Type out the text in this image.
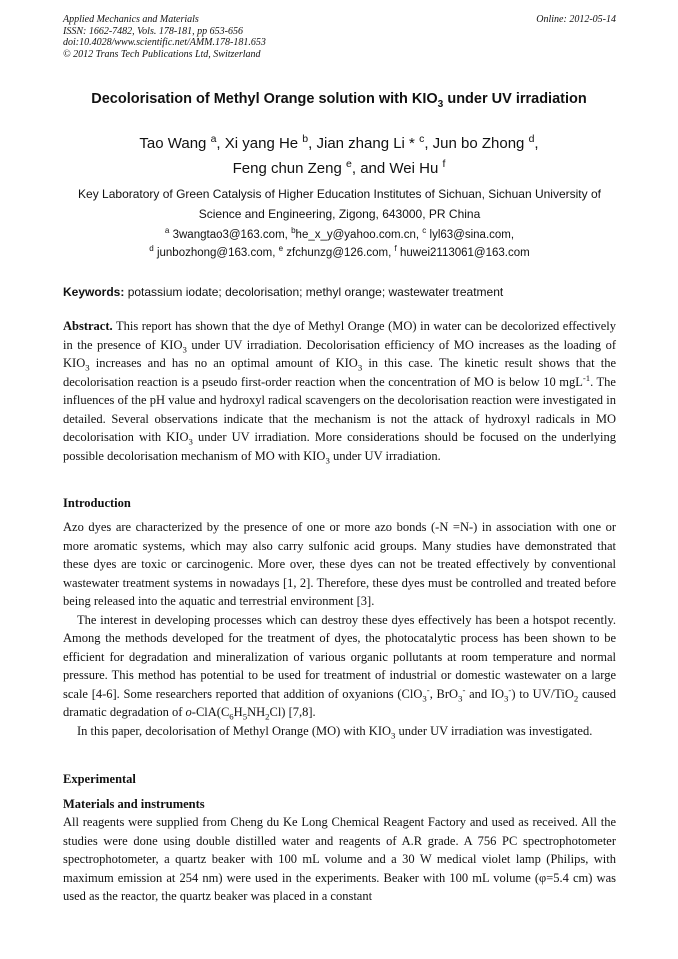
Applied Mechanics and Materials
ISSN: 1662-7482, Vols. 178-181, pp 653-656
doi:10.4028/www.scientific.net/AMM.178-181.653
© 2012 Trans Tech Publications Ltd, Switzerland
Online: 2012-05-14
Decolorisation of Methyl Orange solution with $KIO_3$ under UV irradiation
Tao Wang $^a$, Xi yang He $^b$, Jian zhang Li * $^c$, Jun bo Zhong $^d$,
Feng chun Zeng $^e$, and Wei Hu $^f$
Key Laboratory of Green Catalysis of Higher Education Institutes of Sichuan, Sichuan University of Science and Engineering, Zigong, 643000, PR China
$^a$ 3wangtao3@163.com, $^b$he_x_y@yahoo.com.cn, $^c$ lyl63@sina.com,
$^d$ junbozhong@163.com, $^e$ zfchunzg@126.com, $^f$ huwei2113061@163.com
Keywords: potassium iodate; decolorisation; methyl orange; wastewater treatment

Abstract. This report has shown that the dye of Methyl Orange (MO) in water can be decolorized effectively in the presence of $KIO_3$ under UV irradiation. Decolorisation efficiency of MO increases as the loading of $KIO_3$ increases and has no an optimal amount of $KIO_3$ in this case. The kinetic result shows that the decolorisation reaction is a pseudo first-order reaction when the concentration of MO is below 10 mgL$^{-1}$. The influences of the pH value and hydroxyl radical scavengers on the decolorisation reaction were investigated in detailed. Several observations indicate that the mechanism is not the attack of hydroxyl radicals in MO decolorisation with $KIO_3$ under UV irradiation. More considerations should be focused on the underlying possible decolorisation mechanism of MO with $KIO_3$ under UV irradiation.

Introduction

Azo dyes are characterized by the presence of one or more azo bonds (-N =N-) in association with one or more aromatic systems, which may also carry sulfonic acid groups. Many studies have demonstrated that these dyes are toxic or carcinogenic. More over, these dyes can not be treated effectively by conventional wastewater treatment systems in nowadays [1, 2]. Therefore, these dyes must be controlled and treated before being released into the aquatic and terrestrial environment [3].

The interest in developing processes which can destroy these dyes effectively has been a hotspot recently. Among the methods developed for the treatment of dyes, the photocatalytic process has been shown to be efficient for degradation and mineralization of various organic pollutants at room temperature and normal pressure. This method has potential to be used for treatment of industrial or domestic wastewater on a large scale [4-6]. Some researchers reported that addition of oxyanions (ClO$_3$-, BrO$_3$- and $IO_3^-$) to UV/TiO$_2$ caused dramatic degradation of $o-ClA(C_6H_5NH_2Cl)$ [7,8].

In this paper, decolorisation of Methyl Orange (MO) with $KIO_3$ under UV irradiation was investigated.

Experimental
Materials and instruments

All reagents were supplied from Cheng du Ke Long Chemical Reagent Factory and used as received. All the studies were done using double distilled water and reagents of A.R grade. A 756 PC spectrophotometer spectrophotometer, a quartz beaker with 100 mL volume and a 30 W medical violet lamp (Philips, with maximum emission at 254 nm) were used in the experiments. Beaker with 100 mL volume (φ=5.4 cm) was used as the reactor, the quartz beaker was placed in a constant
